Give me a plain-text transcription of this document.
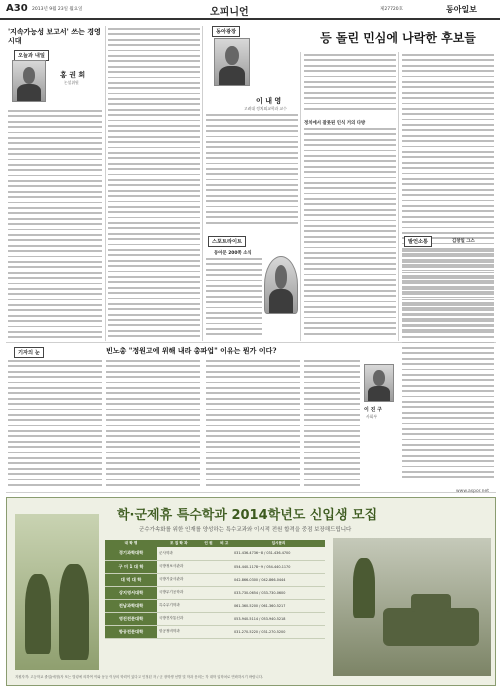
A30 2013년 9월 23일 월요일	오피니언	제27720호	동아일보
'지속가능성 보고서' 쓰는 경영시대
오늘과 내일
홍 권 희
논설위원
동아광장
이 내 영
고려대 정치외교학과 교수
등 돌린 민심에 나락한 후보들
정치에서 잘못된 인식 거의 다방
스포트라이트
동아문 200쪽 소식
발언소통	김창일 그스
기자의 눈	빈노총 "정원고에 위해 내라 총파업" 이유는 뭔가 이다?
이 진 구
사회부
www.aspor.net
학·군제휴 특수학과 2014학년도 신입생 모집
군수가속화를 위한 인재를 양성하는 특수교과와 이시적 전원 합격을 중점 보장해드립니다
대 학 명	모 집 학 과	인 원	비 고	입시문의
경기과학대학	군사학과			031-436-4736~8 / 031-436-4700
구 미 1 대 학	국방정보사관과			054-440-1178~9 / 054-440-1170
대 덕 대 학	국방기술사관과			042-866-0300 / 042-866-0444
상지영서대학	국방무기공학과			033-730-0654 / 033-730-0600
전남과학대학	특수무기학과			061-360-5200 / 061-360-5217
영진전문대학	국방전자통신과			053-940-5114 / 053-940-5218
항공전문대학	항공정비학과			031-270-5220 / 031-270-5200
지원자격: 고등학교 졸업(예정)자 또는 법령에 의하여 이와 동등 이상의 학력이 있다고 인정된 자 / 군 장학생 선발 및 학과 문의는 각 대학 입학처로 연락하시기 바랍니다.
